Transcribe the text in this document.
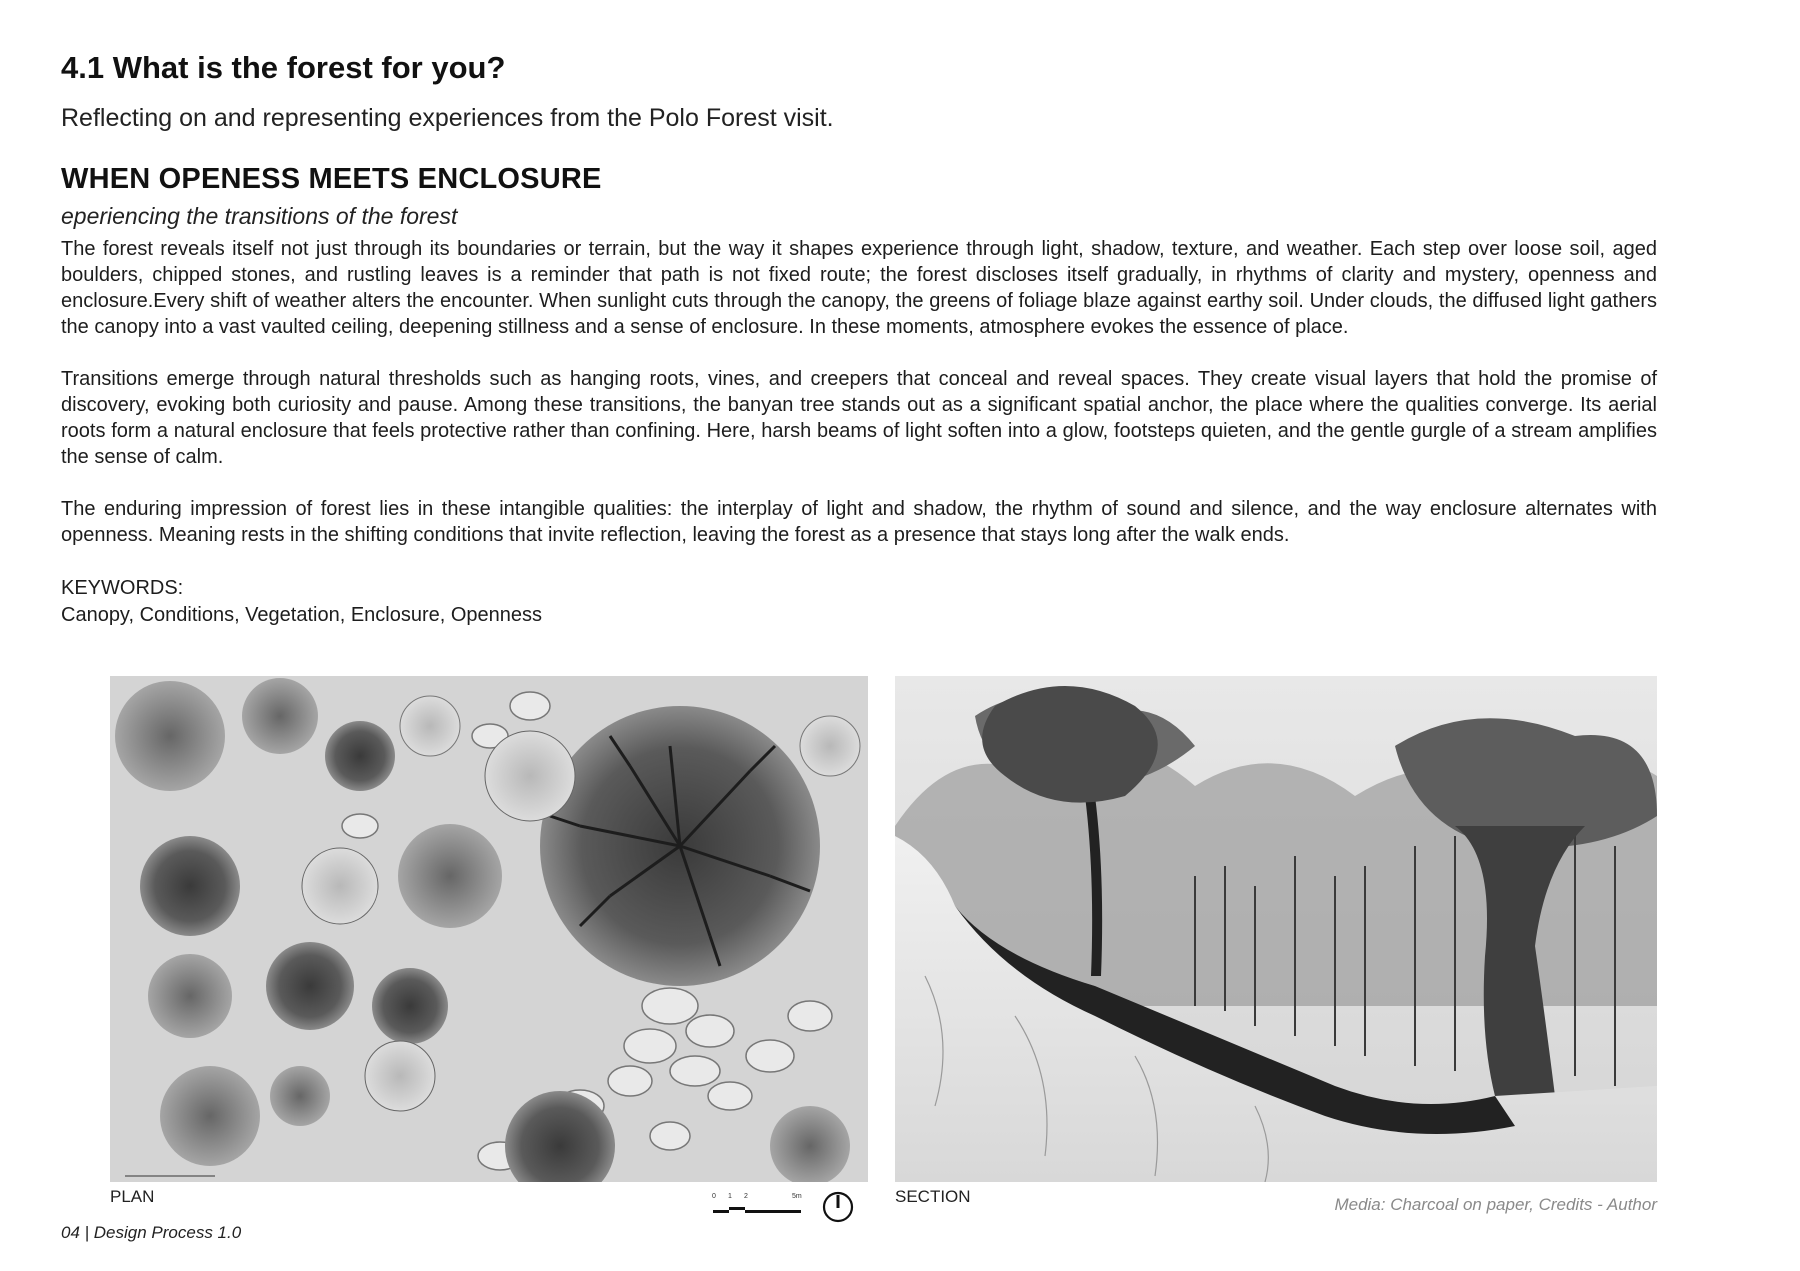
4.1 What is the forest for you?

Reflecting on and representing experiences from the Polo Forest visit.

WHEN OPENESS MEETS ENCLOSURE

eperiencing the transitions of the forest

The forest reveals itself not just through its boundaries or terrain, but the way it shapes experience through light, shadow, texture, and weather. Each step over loose soil, aged boulders, chipped stones, and rustling leaves is a reminder that path is not fixed route; the forest discloses itself gradually, in rhythms of clarity and mystery, openness and enclosure.Every shift of weather alters the encounter. When sunlight cuts through the canopy, the greens of foliage blaze against earthy soil. Under clouds, the diffused light gathers the canopy into a vast vaulted ceiling, deepening stillness and a sense of enclosure. In these moments, atmosphere evokes the essence of place.

Transitions emerge through natural thresholds such as hanging roots, vines, and creepers that conceal and reveal spaces. They create visual layers that hold the promise of discovery, evoking both curiosity and pause. Among these transitions, the banyan tree stands out as a significant spatial anchor, the place where the qualities converge. Its aerial roots form a natural enclosure that feels protective rather than confining. Here, harsh beams of light soften into a glow, footsteps quieten, and the gentle gurgle of a stream amplifies the sense of calm.

The enduring impression of forest lies in these intangible qualities: the interplay of light and shadow, the rhythm of sound and silence, and the way enclosure alternates with openness. Meaning rests in the shifting conditions that invite reflection, leaving the forest as a presence that stays long after the walk ends.

KEYWORDS:
Canopy, Conditions, Vegetation, Enclosure, Openness
PLAN	SECTION
0 1 2	5m	Media: Charcoal on paper, Credits - Author
04 | Design Process 1.0
